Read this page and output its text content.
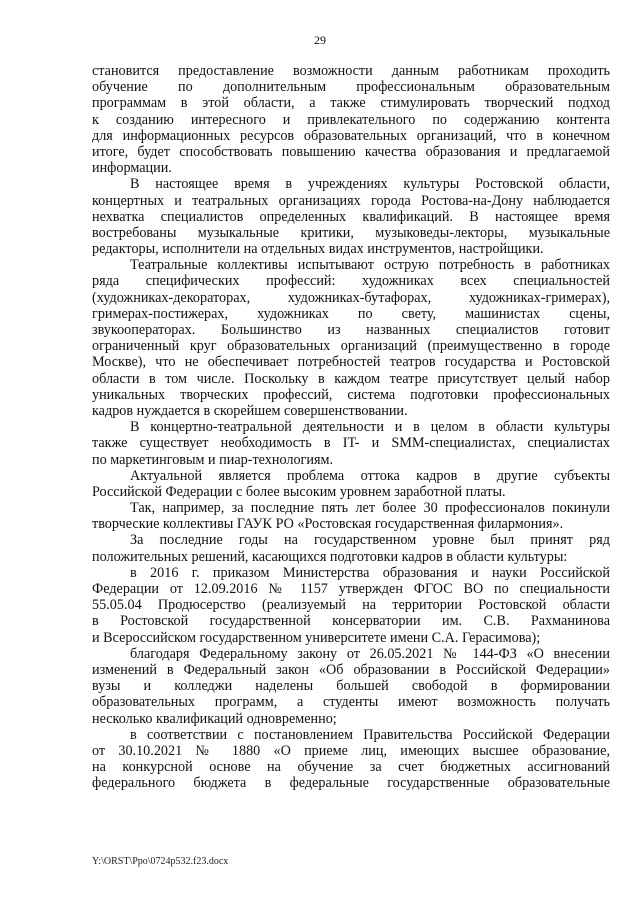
29
становится предоставление возможности данным работникам проходить
обучение по дополнительным профессиональным образовательным
программам в этой области, а также стимулировать творческий подход
к созданию интересного и привлекательного по содержанию контента
для информационных ресурсов образовательных организаций, что в конечном
итоге, будет способствовать повышению качества образования и предлагаемой
информации.
В настоящее время в учреждениях культуры Ростовской области,
концертных и театральных организациях города Ростова-на-Дону наблюдается
нехватка специалистов определенных квалификаций. В настоящее время
востребованы музыкальные критики, музыковеды-лекторы, музыкальные
редакторы, исполнители на отдельных видах инструментов, настройщики.
Театральные коллективы испытывают острую потребность в работниках
ряда специфических профессий: художниках всех специальностей
(художниках-декораторах, художниках-бутафорах, художниках-гримерах),
гримерах-постижерах, художниках по свету, машинистах сцены,
звукооператорах. Большинство из названных специалистов готовит
ограниченный круг образовательных организаций (преимущественно в городе
Москве), что не обеспечивает потребностей театров государства и Ростовской
области в том числе. Поскольку в каждом театре присутствует целый набор
уникальных творческих профессий, система подготовки профессиональных
кадров нуждается в скорейшем совершенствовании.
В концертно-театральной деятельности и в целом в области культуры
также существует необходимость в IT- и SMM-специалистах, специалистах
по маркетинговым и пиар-технологиям.
Актуальной является проблема оттока кадров в другие субъекты
Российской Федерации с более высоким уровнем заработной платы.
Так, например, за последние пять лет более 30 профессионалов покинули
творческие коллективы ГАУК РО «Ростовская государственная филармония».
За последние годы на государственном уровне был принят ряд
положительных решений, касающихся подготовки кадров в области культуры:
в 2016 г. приказом Министерства образования и науки Российской
Федерации от 12.09.2016 № 1157 утвержден ФГОС ВО по специальности
55.05.04 Продюсерство (реализуемый на территории Ростовской области
в Ростовской государственной консерватории им. С.В. Рахманинова
и Всероссийском государственном университете имени С.А. Герасимова);
благодаря Федеральному закону от 26.05.2021 № 144-ФЗ «О внесении
изменений в Федеральный закон «Об образовании в Российской Федерации»
вузы и колледжи наделены большей свободой в формировании
образовательных программ, а студенты имеют возможность получать
несколько квалификаций одновременно;
в соответствии с постановлением Правительства Российской Федерации
от 30.10.2021 № 1880 «О приеме лиц, имеющих высшее образование,
на конкурсной основе на обучение за счет бюджетных ассигнований
федерального бюджета в федеральные государственные образовательные
Y:\ORST\Ppo\0724p532.f23.docx
